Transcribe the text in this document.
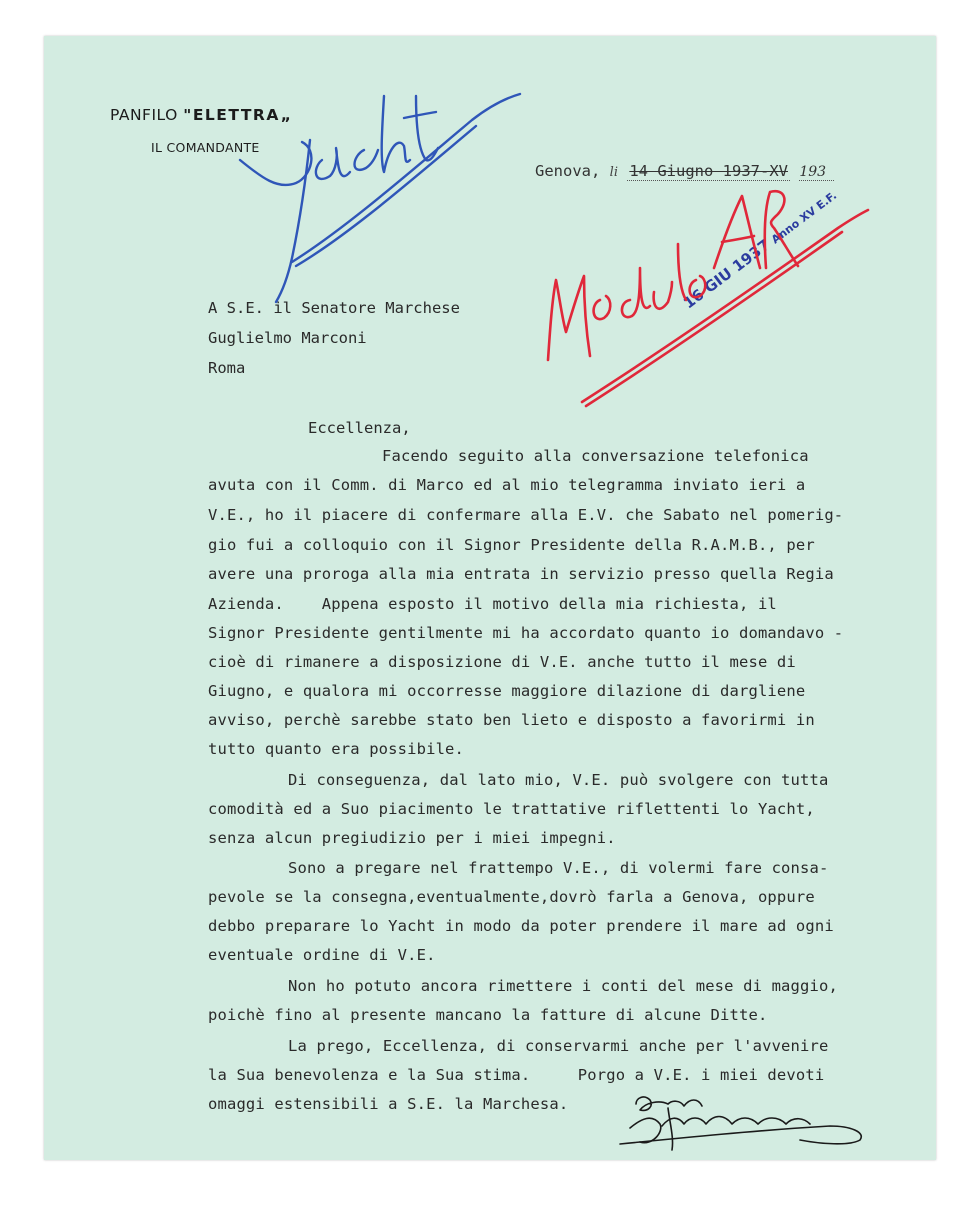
PANFILO "ELETTRA„
IL COMANDANTE
Genova, li 14 Giugno 1937-XV 193
A S.E. il Senatore Marchese
Guglielmo Marconi
Roma
Eccellenza,
Facendo seguito alla conversazione telefonica
avuta con il Comm. di Marco ed al mio telegramma inviato ieri a
V.E., ho il piacere di confermare alla E.V. che Sabato nel pomerig-
gio fui a colloquio con il Signor Presidente della R.A.M.B., per
avere una proroga alla mia entrata in servizio presso quella Regia
Azienda.    Appena esposto il motivo della mia richiesta, il
Signor Presidente gentilmente mi ha accordato quanto io domandavo -
cioè di rimanere a disposizione di V.E. anche tutto il mese di
Giugno, e qualora mi occorresse maggiore dilazione di dargliene
avviso, perchè sarebbe stato ben lieto e disposto a favorirmi in
tutto quanto era possibile.
Di conseguenza, dal lato mio, V.E. può svolgere con tutta
comodità ed a Suo piacimento le trattative riflettenti lo Yacht,
senza alcun pregiudizio per i miei impegni.
Sono a pregare nel frattempo V.E., di volermi fare consa-
pevole se la consegna,eventualmente,dovrò farla a Genova, oppure
debbo preparare lo Yacht in modo da poter prendere il mare ad ogni
eventuale ordine di V.E.
Non ho potuto ancora rimettere i conti del mese di maggio,
poichè fino al presente mancano la fatture di alcune Ditte.
La prego, Eccellenza, di conservarmi anche per l'avvenire
la Sua benevolenza e la Sua stima.     Porgo a V.E. i miei devoti
omaggi estensibili a S.E. la Marchesa.
16 GIU 1937 Anno XV E.F.
